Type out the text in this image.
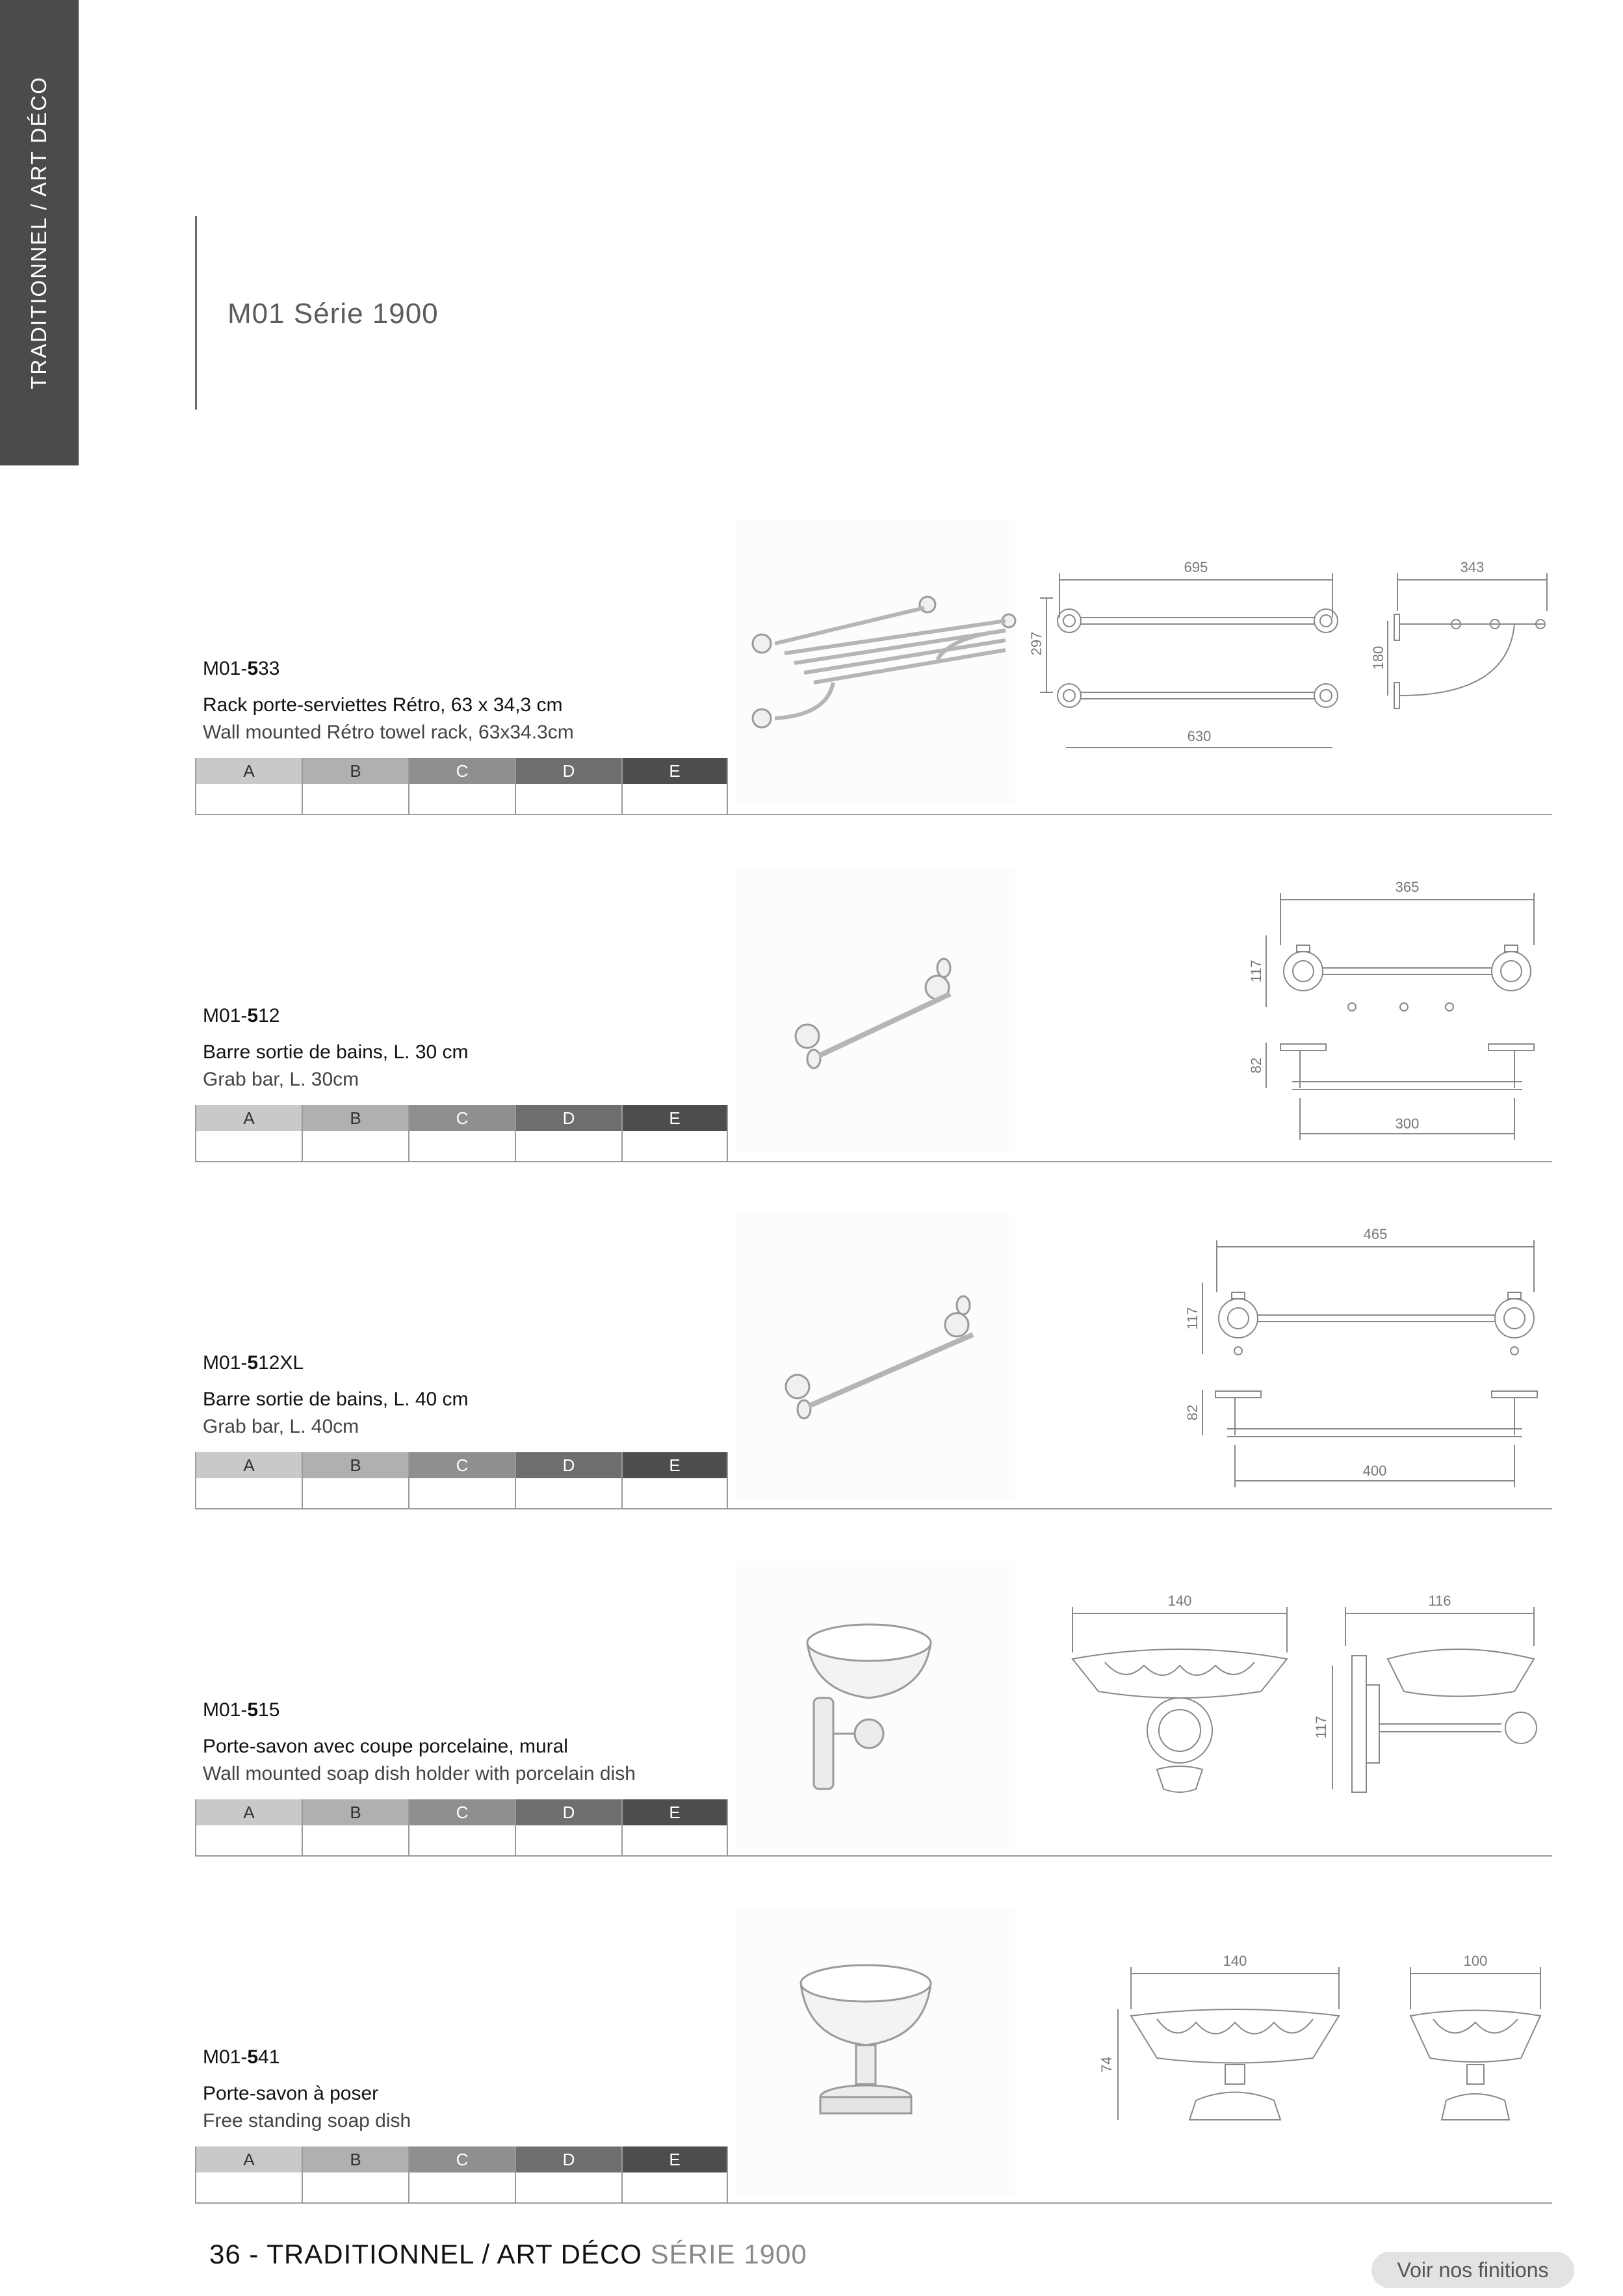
TRADITIONNEL / ART DÉCO	M01 Série 1900
M01-533
Rack porte-serviettes Rétro, 63 x 34,3 cm
Wall mounted Rétro towel rack, 63x34.3cm
A	B	C	D	E
695
297
630
343
180
M01-512
Barre sortie de bains, L. 30 cm
Grab bar, L. 30cm
A	B	C	D	E
365
117
82
300
M01-512XL
Barre sortie de bains, L. 40 cm
Grab bar, L. 40cm
A	B	C	D	E
465
117
82
400
M01-515
Porte-savon avec coupe porcelaine, mural
Wall mounted soap dish holder with porcelain dish
A	B	C	D	E
140	116
117
M01-541
Porte-savon à poser
Free standing soap dish
A	B	C	D	E
140	100
74
36 - TRADITIONNEL / ART DÉCO SÉRIE 1900
Voir nos finitions
